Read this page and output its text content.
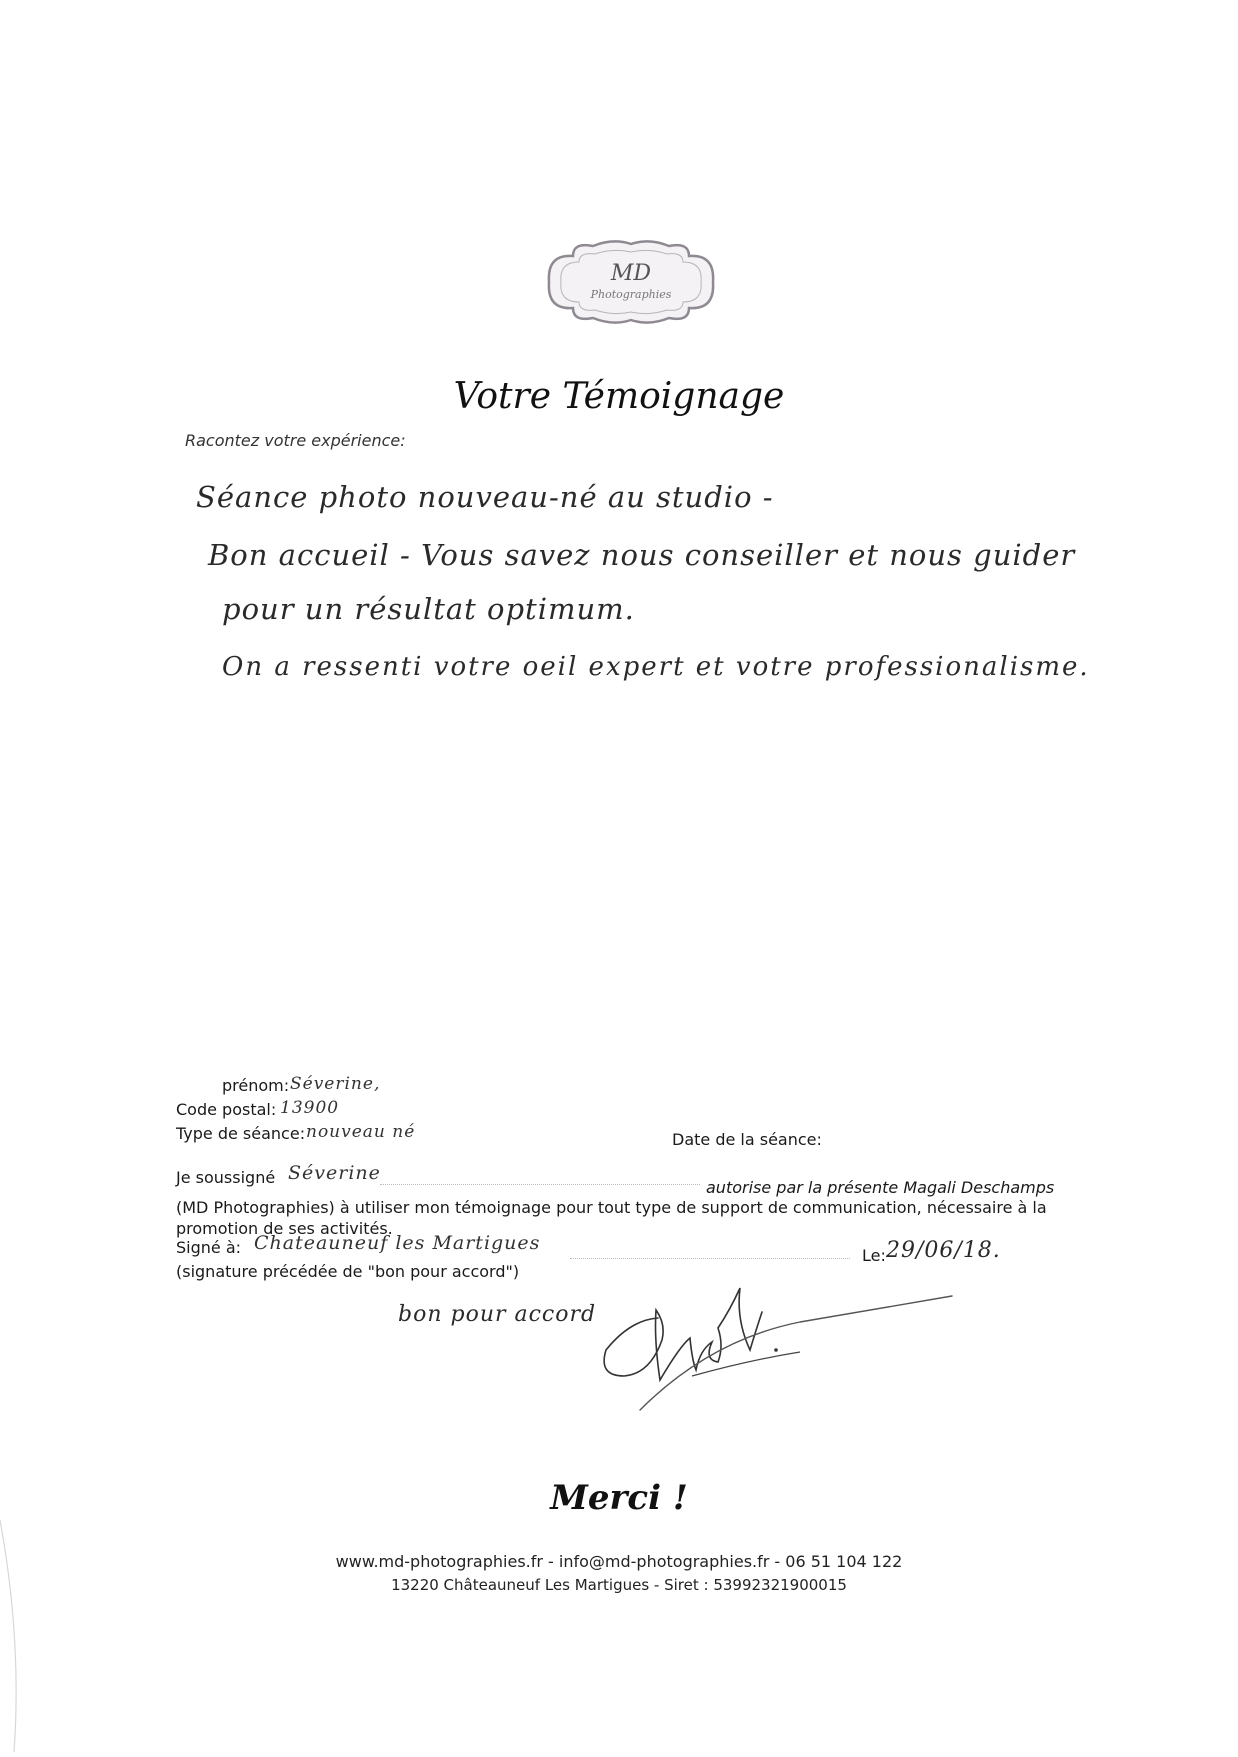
MD
Photographies
Votre Témoignage
Racontez votre expérience:
Séance photo nouveau-né au studio -
Bon accueil - Vous savez nous conseiller et nous guider
pour un résultat optimum.
On a ressenti votre oeil expert et votre professionalisme.
prénom: Séverine,
Code postal: 13900
Type de séance: nouveau né	Date de la séance:
Je soussigné Séverine
autorise par la présente Magali Deschamps
(MD Photographies) à utiliser mon témoignage pour tout type de support de communication, nécessaire à la promotion de ses activités.
Signé à: Chateauneuf les Martigues
Le: 29/06/18.
(signature précédée de "bon pour accord")
bon pour accord
Merci !
www.md-photographies.fr - info@md-photographies.fr - 06 51 104 122
13220 Châteauneuf Les Martigues - Siret : 53992321900015
